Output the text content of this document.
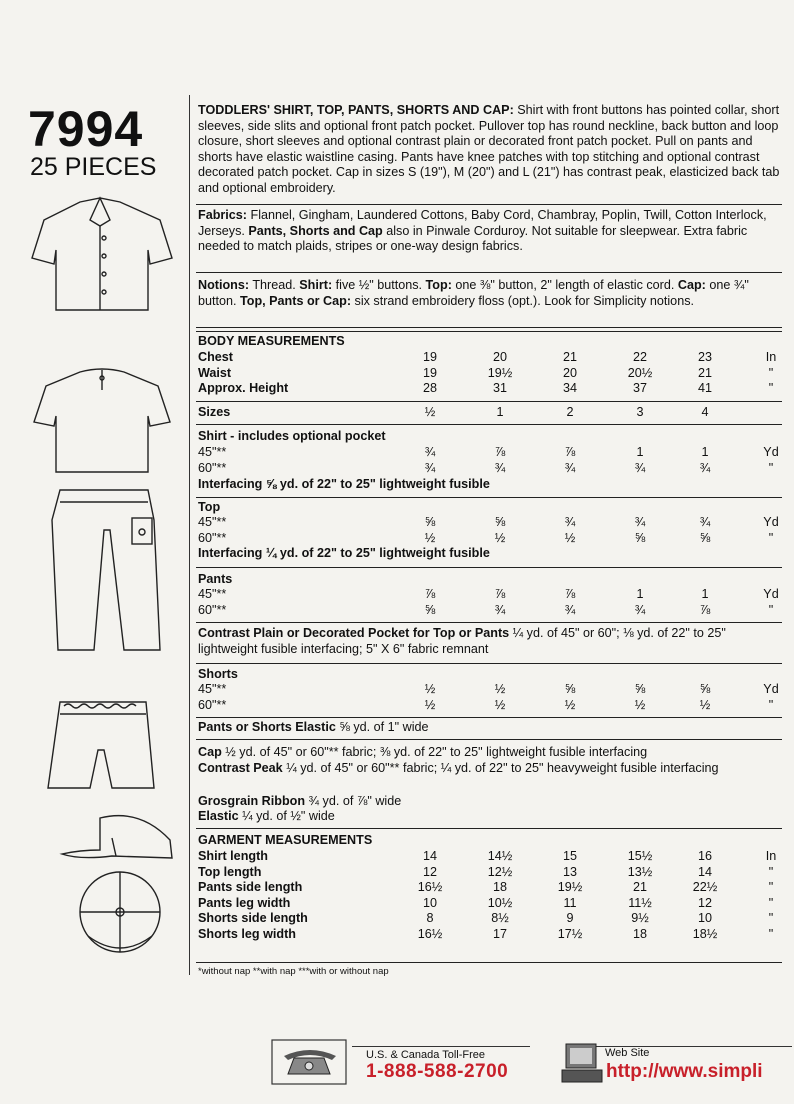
7994
25 PIECES
TODDLERS' SHIRT, TOP, PANTS, SHORTS AND CAP: Shirt with front buttons has pointed collar, short sleeves, side slits and optional front patch pocket. Pullover top has round neckline, back button and loop closure, short sleeves and optional contrast plain or decorated front patch pocket. Pull on pants and shorts have elastic waistline casing. Pants have knee patches with top stitching and optional contrast decorated patch pocket. Cap in sizes S (19"), M (20") and L (21") has contrast peak, elasticized back tab and optional embroidery.
Fabrics: Flannel, Gingham, Laundered Cottons, Baby Cord, Chambray, Poplin, Twill, Cotton Interlock, Jerseys. Pants, Shorts and Cap also in Pinwale Corduroy. Not suitable for sleepwear. Extra fabric needed to match plaids, stripes or one-way design fabrics.
Notions: Thread. Shirt: five ½" buttons. Top: one ⅜" button, 2" length of elastic cord. Cap: one ¾" button. Top, Pants or Cap: six strand embroidery floss (opt.). Look for Simplicity notions.
BODY MEASUREMENTS
Chest	19	20	21	22	23	In
Waist	19	19½	20	20½	21	"
Approx. Height	28	31	34	37	41	"
Sizes	½	1	2	3	4
Shirt - includes optional pocket
45"**	¾	⅞	⅞	1	1	Yd
60"**	¾	¾	¾	¾	¾	"
Interfacing ⅝ yd. of 22" to 25" lightweight fusible
Top
45"**	⅝	⅝	¾	¾	¾	Yd
60"**	½	½	½	⅝	⅝	"
Interfacing ¼ yd. of 22" to 25" lightweight fusible
Pants
45"**	⅞	⅞	⅞	1	1	Yd
60"**	⅝	¾	¾	¾	⅞	"
Contrast Plain or Decorated Pocket for Top or Pants ¼ yd. of 45" or 60"; ⅛ yd. of 22" to 25" lightweight fusible interfacing; 5" X 6" fabric remnant
Shorts
45"**	½	½	⅝	⅝	⅝	Yd
60"**	½	½	½	½	½	"
Pants or Shorts Elastic ⅝ yd. of 1" wide
Cap ½ yd. of 45" or 60"** fabric; ⅜ yd. of 22" to 25" lightweight fusible interfacing
Contrast Peak ¼ yd. of 45" or 60"** fabric; ¼ yd. of 22" to 25" heavyweight fusible interfacing
Grosgrain Ribbon ¾ yd. of ⅞" wide
Elastic ¼ yd. of ½" wide
GARMENT MEASUREMENTS
Shirt length	14	14½	15	15½	16	In
Top length	12	12½	13	13½	14	"
Pants side length	16½	18	19½	21	22½	"
Pants leg width	10	10½	11	11½	12	"
Shorts side length	8	8½	9	9½	10	"
Shorts leg width	16½	17	17½	18	18½	"
*without nap **with nap ***with or without nap
U.S. & Canada Toll-Free
1-888-588-2700
Web Site
http://www.simpli
